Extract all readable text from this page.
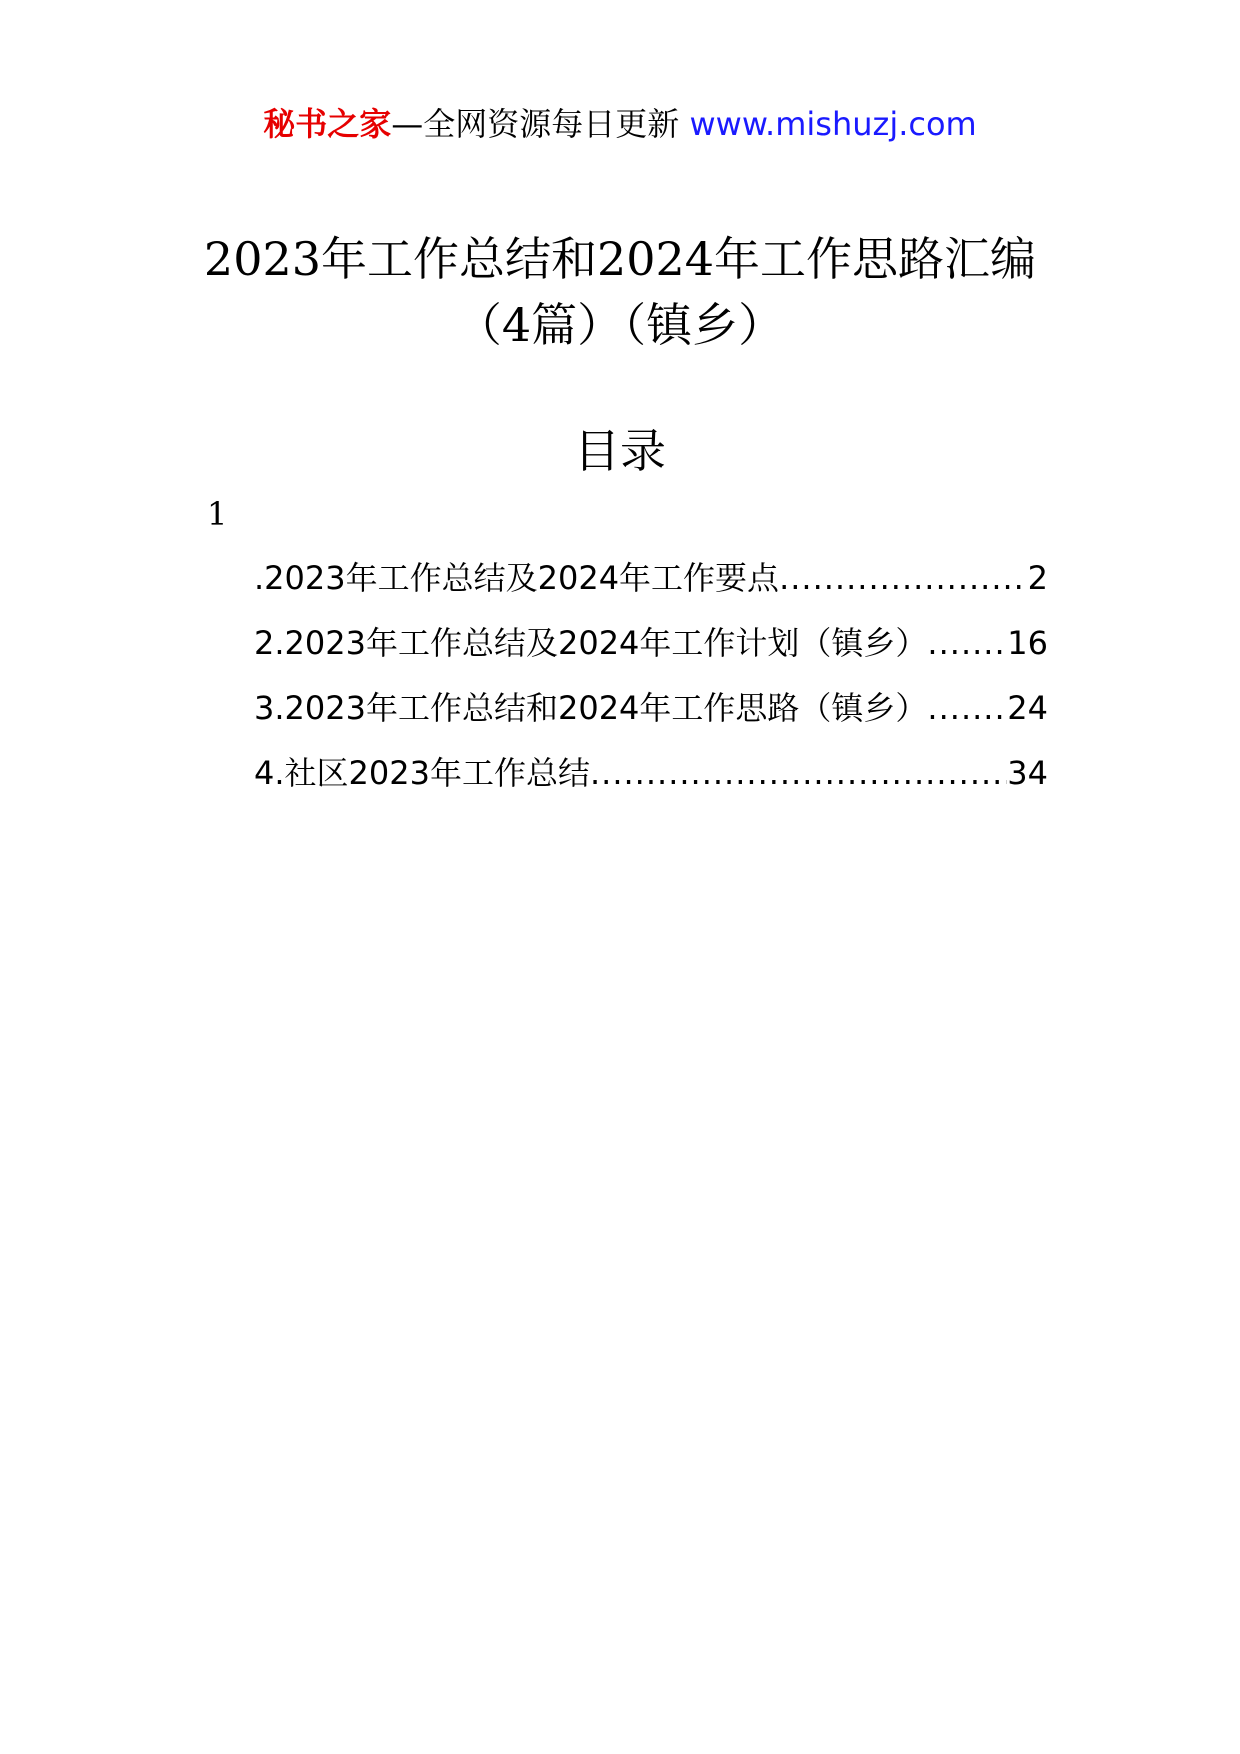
秘书之家—全网资源每日更新 www.mishuzj.com
2023年工作总结和2024年工作思路汇编
（4篇）（镇乡）
目录
1
.2023年工作总结及2024年工作要点 .....	2
2.2023年工作总结及2024年工作计划（镇乡） ..... 16
3.2023年工作总结和2024年工作思路（镇乡） ..... 24
4.社区2023年工作总结 .....	34
